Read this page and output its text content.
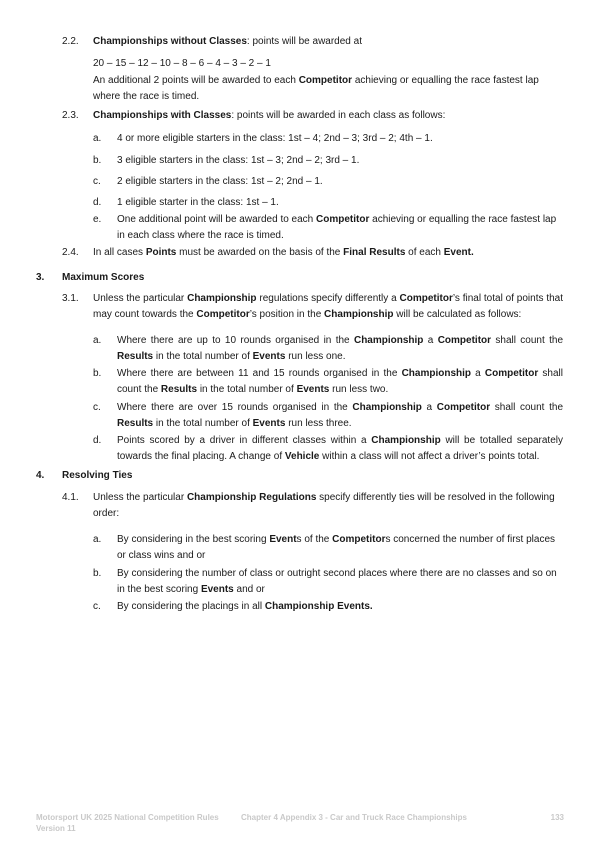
2.2. Championships without Classes: points will be awarded at

20 – 15 – 12 – 10 – 8 – 6 – 4 – 3 – 2 – 1

An additional 2 points will be awarded to each Competitor achieving or equalling the race fastest lap where the race is timed.

2.3. Championships with Classes: points will be awarded in each class as follows:

a. 4 or more eligible starters in the class: 1st – 4; 2nd – 3; 3rd – 2; 4th – 1.

b. 3 eligible starters in the class: 1st – 3; 2nd – 2; 3rd – 1.

c. 2 eligible starters in the class: 1st – 2; 2nd – 1.

d. 1 eligible starter in the class: 1st – 1.

e. One additional point will be awarded to each Competitor achieving or equalling the race fastest lap in each class where the race is timed.

2.4. In all cases Points must be awarded on the basis of the Final Results of each Event.

3. Maximum Scores

3.1. Unless the particular Championship regulations specify differently a Competitor’s final total of points that may count towards the Competitor’s position in the Championship will be calculated as follows:

a. Where there are up to 10 rounds organised in the Championship a Competitor shall count the Results in the total number of Events run less one.

b. Where there are between 11 and 15 rounds organised in the Championship a Competitor shall count the Results in the total number of Events run less two.

c. Where there are over 15 rounds organised in the Championship a Competitor shall count the Results in the total number of Events run less three.

d. Points scored by a driver in different classes within a Championship will be totalled separately towards the final placing. A change of Vehicle within a class will not affect a driver’s points total.

4. Resolving Ties

4.1. Unless the particular Championship Regulations specify differently ties will be resolved in the following order:

a. By considering in the best scoring Events of the Competitors concerned the number of first places or class wins and or

b. By considering the number of class or outright second places where there are no classes and so on in the best scoring Events and or

c. By considering the placings in all Championship Events.

Motorsport UK 2025 National Competition Rules
Version 11
Chapter 4 Appendix 3 - Car and Truck Race Championships	133
